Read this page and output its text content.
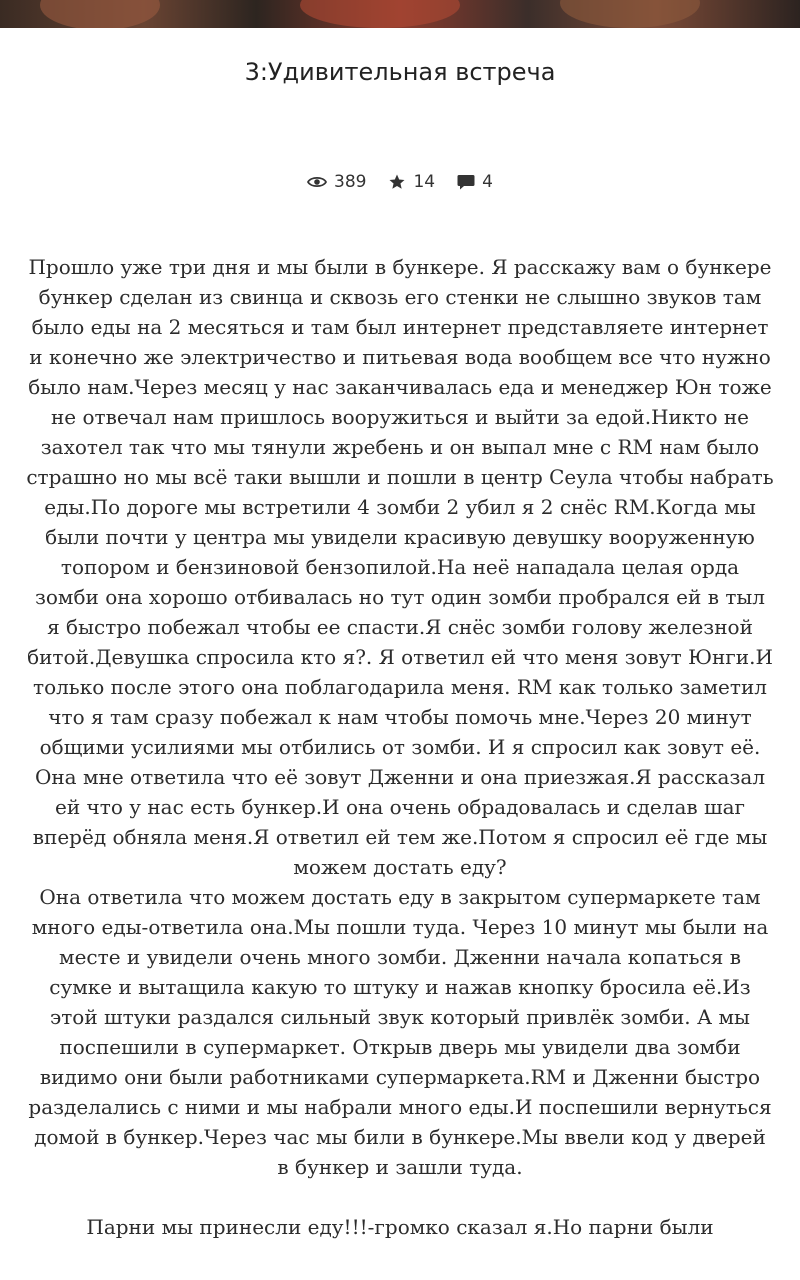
3:Удивительная встреча
389	14	4

Прошло уже три дня и мы были в бункере. Я расскажу вам о бункере бункер сделан из свинца и сквозь его стенки не слышно звуков там было еды на 2 месяться и там был интернет представляете интернет и конечно же электричество и питьевая вода вообщем все что нужно было нам.Через месяц у нас заканчивалась еда и менеджер Юн тоже не отвечал нам пришлось вооружиться и выйти за едой.Никто не захотел так что мы тянули жребень и он выпал мне с RM нам было страшно но мы всё таки вышли и пошли в центр Сеула чтобы набрать еды.По дороге мы встретили 4 зомби 2 убил я 2 снёс RM.Когда мы были почти у центра мы увидели красивую девушку вооруженную топором и бензиновой бензопилой.На неё нападала целая орда зомби она хорошо отбивалась но тут один зомби пробрался ей в тыл я быстро побежал чтобы ее спасти.Я снёс зомби голову железной битой.Девушка спросила кто я?. Я ответил ей что меня зовут Юнги.И только после этого она поблагодарила меня. RM как только заметил что я там сразу побежал к нам чтобы помочь мне.Через 20 минут общими усилиями мы отбились от зомби. И я спросил как зовут её. Она мне ответила что её зовут Дженни и она приезжая.Я рассказал ей что у нас есть бункер.И она очень обрадовалась и сделав шаг вперёд обняла меня.Я ответил ей тем же.Потом я спросил её где мы можем достать еду?

Она ответила что можем достать еду в закрытом супермаркете там много еды-ответила она.Мы пошли туда. Через 10 минут мы были на месте и увидели очень много зомби. Дженни начала копаться в сумке и вытащила какую то штуку и нажав кнопку бросила её.Из этой штуки раздался сильный звук который привлёк зомби. А мы поспешили в супермаркет. Открыв дверь мы увидели два зомби видимо они были работниками супермаркета.RM и Дженни быстро разделались с ними и мы набрали много еды.И поспешили вернуться домой в бункер.Через час мы били в бункере.Мы ввели код у дверей в бункер и зашли туда.

Парни мы принесли еду!!!-громко сказал я.Но парни были
